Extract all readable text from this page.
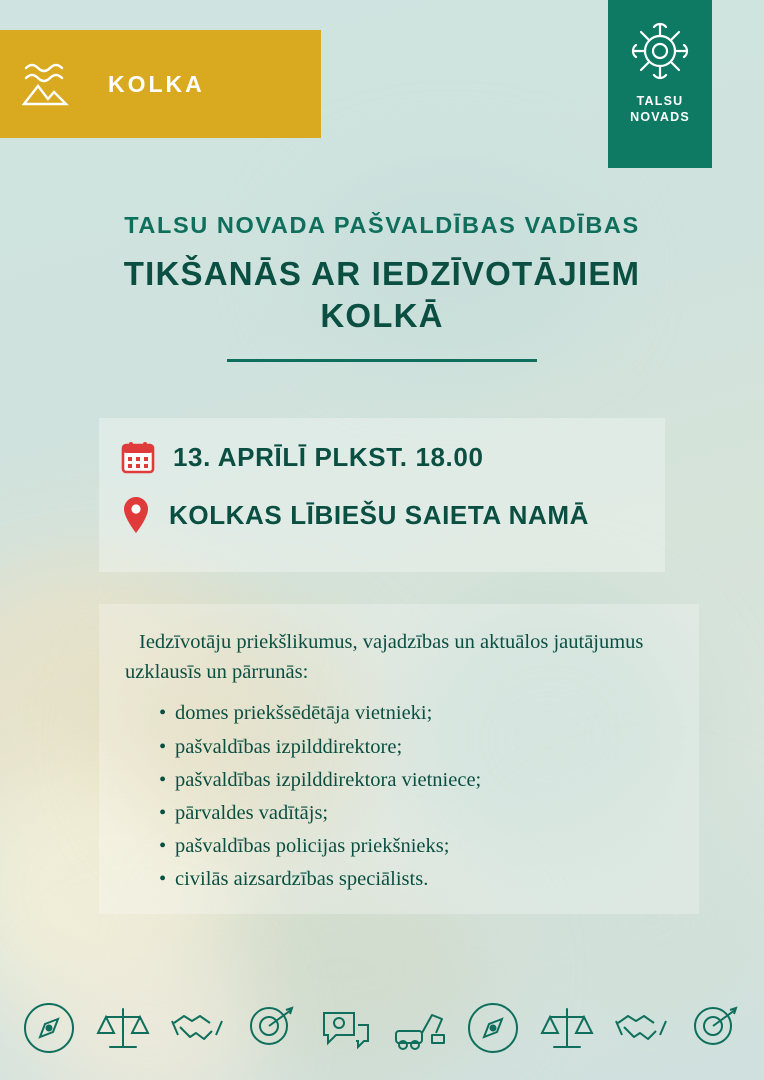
KOLKA
TALSU
NOVADS
TALSU NOVADA PAŠVALDĪBAS VADĪBAS
TIKŠANĀS AR IEDZĪVOTĀJIEM
KOLKĀ
13. APRĪLĪ PLKST. 18.00
KOLKAS LĪBIEŠU SAIETA NAMĀ

Iedzīvotāju priekšlikumus, vajadzības un aktuālos jautājumus uzklausīs un pārrunās:

• domes priekšsēdētāja vietnieki;
• pašvaldības izpilddirektore;
• pašvaldības izpilddirektora vietniece;
• pārvaldes vadītājs;
• pašvaldības policijas priekšnieks;
• civilās aizsardzības speciālists.
